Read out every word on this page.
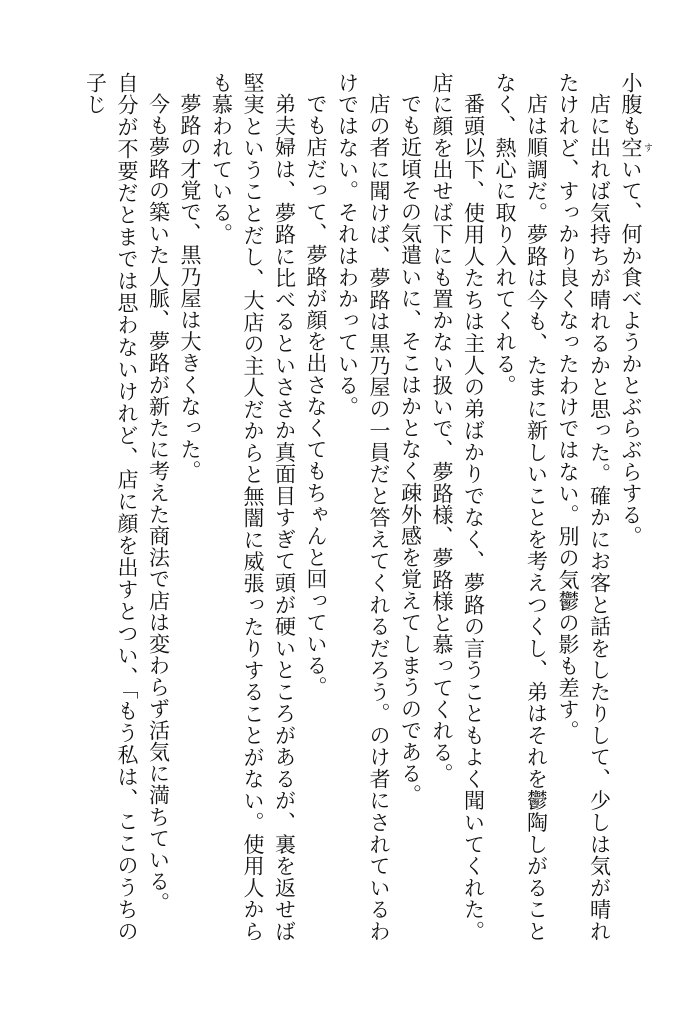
小腹も空 すいて、何か食べようかとぶらぶらする。

店に出れば気持ちが晴れるかと思った。確かにお客と話をしたりして、少しは気が晴れたけれど、すっかり良くなったわけではない。別の気鬱の影も差す。

店は順調だ。夢路は今も、たまに新しいことを考えつくし、弟はそれを鬱陶しがることなく、熱心に取り入れてくれる。

番頭以下、使用人たちは主人の弟ばかりでなく、夢路の言うこともよく聞いてくれた。店に顔を出せば下にも置かない扱いで、夢路様、夢路様と慕ってくれる。

でも近頃その気遣いに、そこはかとなく疎外感を覚えてしまうのである。

店の者に聞けば、夢路は黒乃屋の一員だと答えてくれるだろう。のけ者にされているわけではない。それはわかっている。

でも店だって、夢路が顔を出さなくてもちゃんと回っている。

弟夫婦は、夢路に比べるといささか真面目すぎて頭が硬いところがあるが、裏を返せば堅実ということだし、大店の主人だからと無闇に威張ったりすることがない。使用人からも慕われている。

夢路の才覚で、黒乃屋は大きくなった。

今も夢路の築いた人脈、夢路が新たに考えた商法で店は変わらず活気に満ちている。

自分が不要だとまでは思わないけれど、店に顔を出すとつい、「もう私は、ここのうちの子じ
